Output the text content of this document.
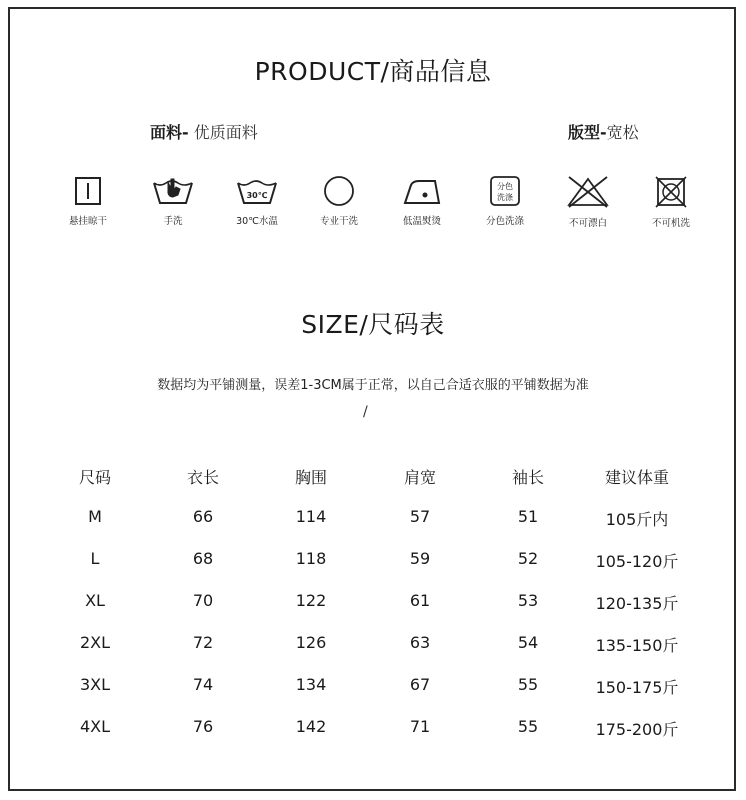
PRODUCT/商品信息
面料- 优质面料	版型-宽松
悬挂晾干	手洗
30℃
30℃水温	专业干洗	低温熨烫
分色
洗涤
分色洗涤	不可漂白	不可机洗
SIZE/尺码表
数据均为平铺测量，误差1-3CM属于正常，以自己合适衣服的平铺数据为准
/
尺码	衣长	胸围	肩宽	袖长	建议体重
M	66	114	57	51	105斤内
L	68	118	59	52	105-120斤
XL	70	122	61	53	120-135斤
2XL	72	126	63	54	135-150斤
3XL	74	134	67	55	150-175斤
4XL	76	142	71	55	175-200斤
